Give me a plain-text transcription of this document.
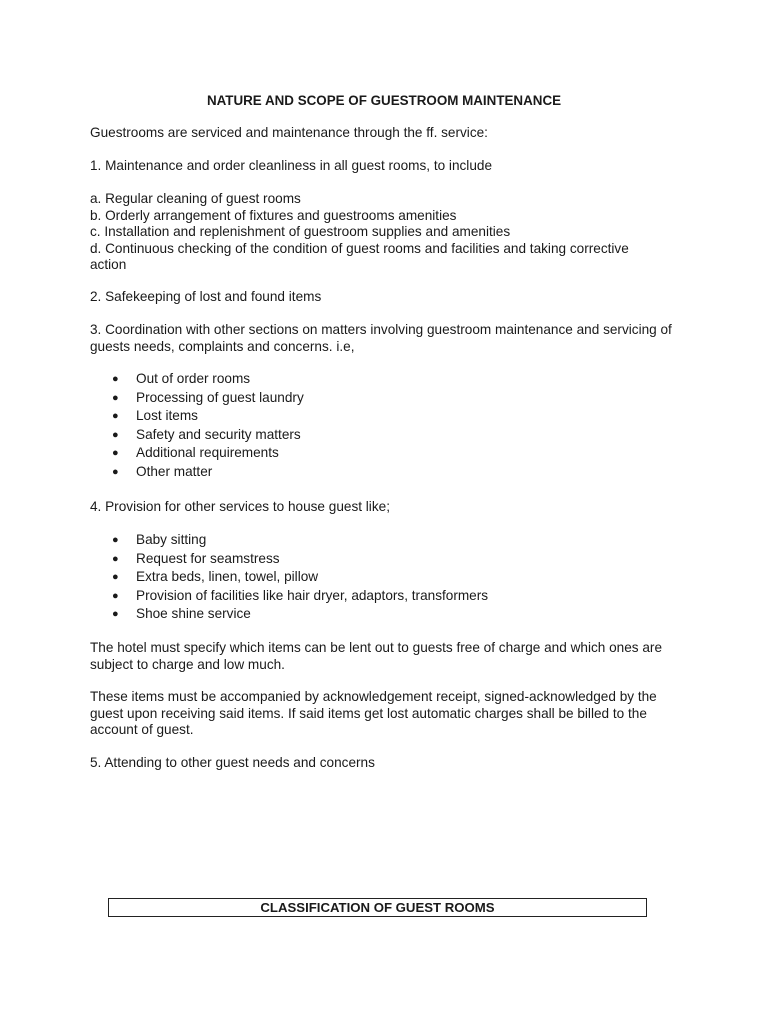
NATURE AND SCOPE OF GUESTROOM MAINTENANCE

Guestrooms are serviced and maintenance through the ff. service:

1. Maintenance and order cleanliness in all guest rooms, to include

a. Regular cleaning of guest rooms

b. Orderly arrangement of fixtures and guestrooms amenities

c. Installation and replenishment of guestroom supplies and amenities

d. Continuous checking of the condition of guest rooms and facilities and taking corrective action

2. Safekeeping of lost and found items

3. Coordination with other sections on matters involving guestroom maintenance and servicing of guests needs, complaints and concerns. i.e,

● Out of order rooms
● Processing of guest laundry
● Lost items
● Safety and security matters
● Additional requirements
● Other matter

4. Provision for other services to house guest like;

● Baby sitting
● Request for seamstress
● Extra beds, linen, towel, pillow
● Provision of facilities like hair dryer, adaptors, transformers
● Shoe shine service

The hotel must specify which items can be lent out to guests free of charge and which ones are subject to charge and low much.

These items must be accompanied by acknowledgement receipt, signed-acknowledged by the guest upon receiving said items. If said items get lost automatic charges shall be billed to the account of guest.

5. Attending to other guest needs and concerns

CLASSIFICATION OF GUEST ROOMS
